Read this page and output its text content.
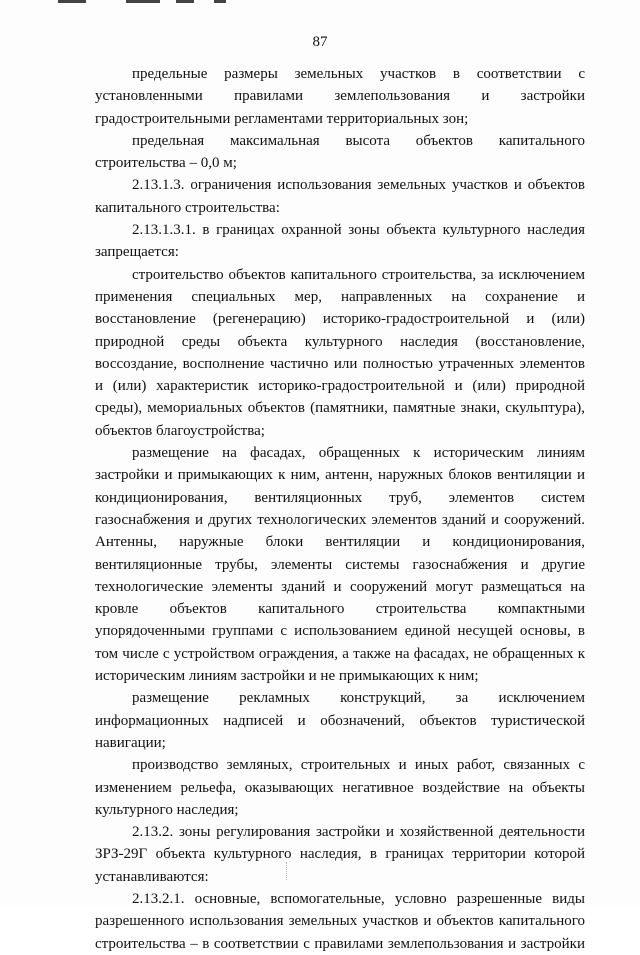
87

предельные размеры земельных участков в соответствии с установленными правилами землепользования и застройки градостроительными регламентами территориальных зон;

предельная максимальная высота объектов капитального строительства – 0,0 м;

2.13.1.3. ограничения использования земельных участков и объектов капитального строительства:

2.13.1.3.1. в границах охранной зоны объекта культурного наследия запрещается:

строительство объектов капитального строительства, за исключением применения специальных мер, направленных на сохранение и восстановление (регенерацию) историко-градостроительной и (или) природной среды объекта культурного наследия (восстановление, воссоздание, восполнение частично или полностью утраченных элементов и (или) характеристик историко-градостроительной и (или) природной среды), мемориальных объектов (памятники, памятные знаки, скульптура), объектов благоустройства;

размещение на фасадах, обращенных к историческим линиям застройки и примыкающих к ним, антенн, наружных блоков вентиляции и кондиционирования, вентиляционных труб, элементов систем газоснабжения и других технологических элементов зданий и сооружений. Антенны, наружные блоки вентиляции и кондиционирования, вентиляционные трубы, элементы системы газоснабжения и другие технологические элементы зданий и сооружений могут размещаться на кровле объектов капитального строительства компактными упорядоченными группами с использованием единой несущей основы, в том числе с устройством ограждения, а также на фасадах, не обращенных к историческим линиям застройки и не примыкающих к ним;

размещение рекламных конструкций, за исключением информационных надписей и обозначений, объектов туристической навигации;

производство земляных, строительных и иных работ, связанных с изменением рельефа, оказывающих негативное воздействие на объекты культурного наследия;

2.13.2. зоны регулирования застройки и хозяйственной деятельности ЗРЗ-29Г объекта культурного наследия, в границах территории которой устанавливаются:

2.13.2.1. основные, вспомогательные, условно разрешенные виды разрешенного использования земельных участков и объектов капитального строительства – в соответствии с правилами землепользования и застройки
